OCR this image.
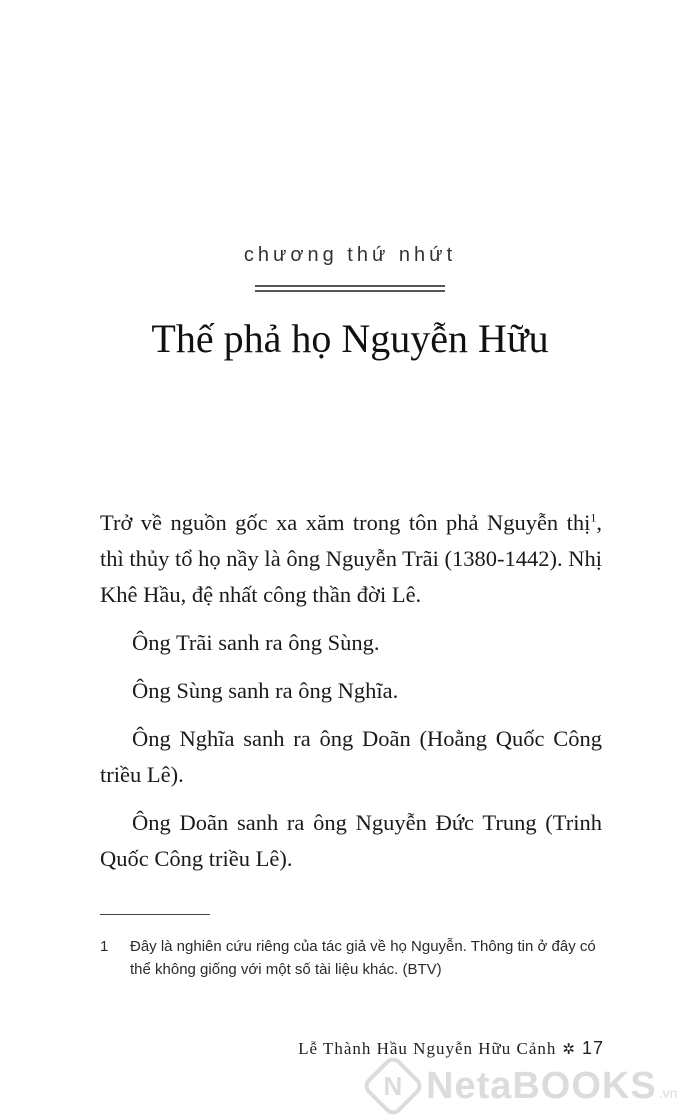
chương thứ nhứt
Thế phả họ Nguyễn Hữu

Trở về nguồn gốc xa xăm trong tôn phả Nguyễn thị$^1$, thì thủy tổ họ nầy là ông Nguyễn Trãi (1380-1442). Nhị Khê Hầu, đệ nhất công thần đời Lê.

Ông Trãi sanh ra ông Sùng.

Ông Sùng sanh ra ông Nghĩa.

Ông Nghĩa sanh ra ông Doãn (Hoằng Quốc Công triều Lê).

Ông Doãn sanh ra ông Nguyễn Đức Trung (Trinh Quốc Công triều Lê).

1	Đây là nghiên cứu riêng của tác giả về họ Nguyễn. Thông tin ở đây có thể không giống với một số tài liệu khác. (BTV)
Lễ Thành Hầu Nguyễn Hữu Cảnh ✲ 17
N NetaBOOKS .vn
